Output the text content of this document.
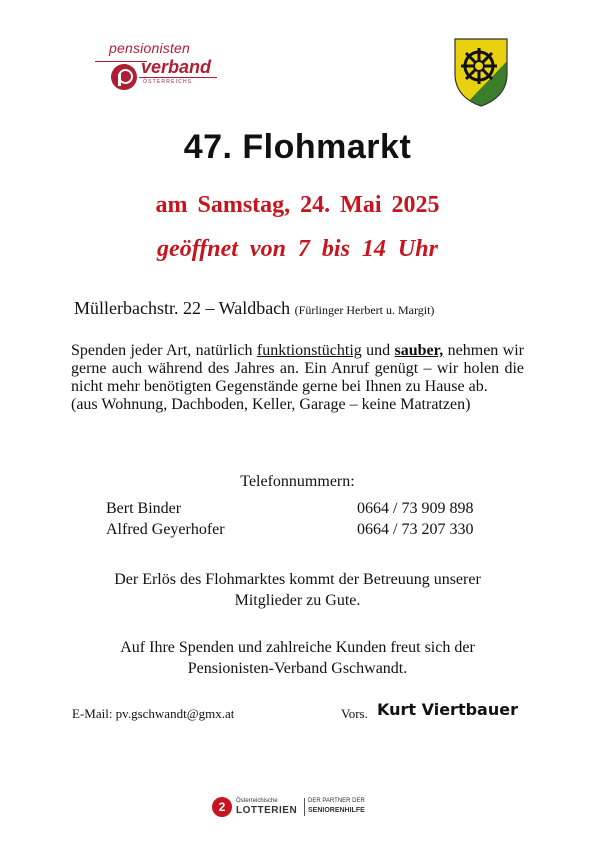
pensionisten
verband
ÖSTERREICHS
47. Flohmarkt
am Samstag, 24. Mai 2025
geöffnet von 7 bis 14 Uhr
Müllerbachstr. 22 – Waldbach (Fürlinger Herbert u. Margit)

Spenden jeder Art, natürlich funktionstüchtig und sauber, nehmen wir gerne auch während des Jahres an. Ein Anruf genügt – wir holen die nicht mehr benötigten Gegenstände gerne bei Ihnen zu Hause ab.

(aus Wohnung, Dachboden, Keller, Garage – keine Matratzen)

Telefonnummern:
Bert Binder	0664 / 73 909 898
Alfred Geyerhofer	0664 / 73 207 330
Der Erlös des Flohmarktes kommt der Betreuung unserer
Mitglieder zu Gute.
Auf Ihre Spenden und zahlreiche Kunden freut sich der
Pensionisten-Verband Gschwandt.
E-Mail: pv.gschwandt@gmx.at	Vors. Kurt Viertbauer
2	Österreichische
LOTTERIEN
DER PARTNER DER
SENIORENHILFE
